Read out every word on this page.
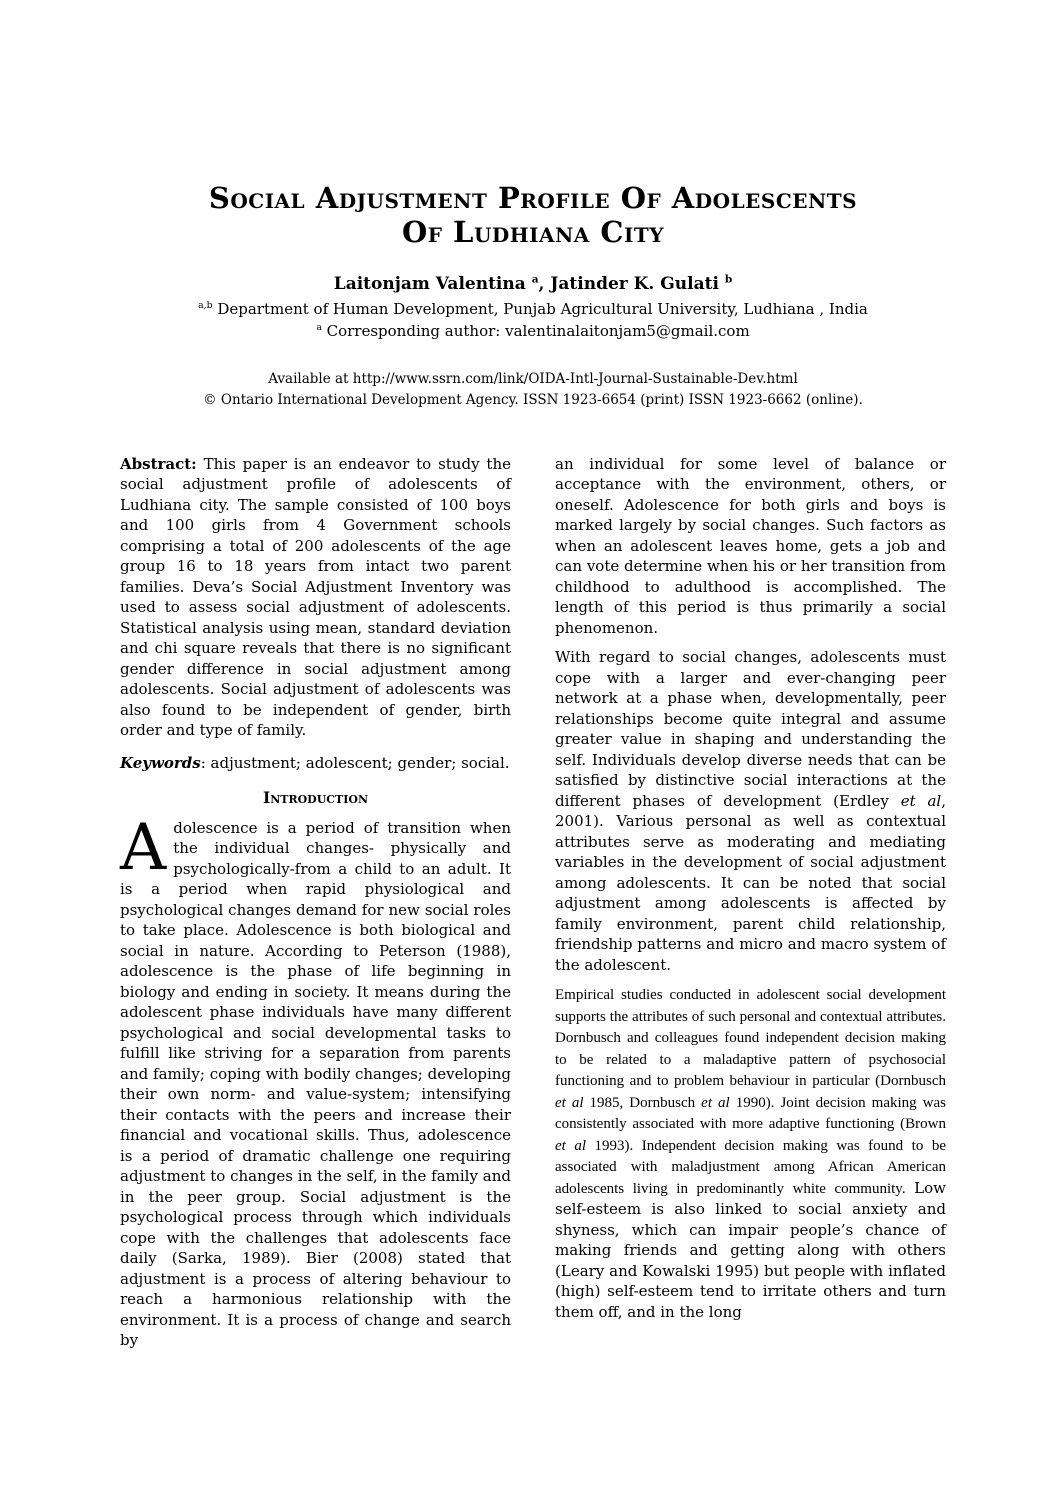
Social Adjustment Profile Of Adolescents
Of Ludhiana City

Laitonjam Valentina $^a$, Jatinder K. Gulati $^b$

$^{a,b}$ Department of Human Development, Punjab Agricultural University, Ludhiana , India

$^a$ Corresponding author: valentinalaitonjam5@gmail.com

Available at http://www.ssrn.com/link/OIDA-Intl-Journal-Sustainable-Dev.html

© Ontario International Development Agency. ISSN 1923-6654 (print) ISSN 1923-6662 (online).

Abstract: This paper is an endeavor to study the social adjustment profile of adolescents of Ludhiana city. The sample consisted of 100 boys and 100 girls from 4 Government schools comprising a total of 200 adolescents of the age group 16 to 18 years from intact two parent families. Deva’s Social Adjustment Inventory was used to assess social adjustment of adolescents. Statistical analysis using mean, standard deviation and chi square reveals that there is no significant gender difference in social adjustment among adolescents. Social adjustment of adolescents was also found to be independent of gender, birth order and type of family.

Keywords: adjustment; adolescent; gender; social.

Introduction

Adolescence is a period of transition when the individual changes- physically and psychologically-from a child to an adult. It is a period when rapid physiological and psychological changes demand for new social roles to take place. Adolescence is both biological and social in nature. According to Peterson (1988), adolescence is the phase of life beginning in biology and ending in society. It means during the adolescent phase individuals have many different psychological and social developmental tasks to fulfill like striving for a separation from parents and family; coping with bodily changes; developing their own norm- and value-system; intensifying their contacts with the peers and increase their financial and vocational skills. Thus, adolescence is a period of dramatic challenge one requiring adjustment to changes in the self, in the family and in the peer group. Social adjustment is the psychological process through which individuals cope with the challenges that adolescents face daily (Sarka, 1989). Bier (2008) stated that adjustment is a process of altering behaviour to reach a harmonious relationship with the environment. It is a process of change and search by

an individual for some level of balance or acceptance with the environment, others, or oneself. Adolescence for both girls and boys is marked largely by social changes. Such factors as when an adolescent leaves home, gets a job and can vote determine when his or her transition from childhood to adulthood is accomplished. The length of this period is thus primarily a social phenomenon.

With regard to social changes, adolescents must cope with a larger and ever-changing peer network at a phase when, developmentally, peer relationships become quite integral and assume greater value in shaping and understanding the self. Individuals develop diverse needs that can be satisfied by distinctive social interactions at the different phases of development (Erdley et al, 2001). Various personal as well as contextual attributes serve as moderating and mediating variables in the development of social adjustment among adolescents. It can be noted that social adjustment among adolescents is affected by family environment, parent child relationship, friendship patterns and micro and macro system of the adolescent.

Empirical studies conducted in adolescent social development supports the attributes of such personal and contextual attributes. Dornbusch and colleagues found independent decision making to be related to a maladaptive pattern of psychosocial functioning and to problem behaviour in particular (Dornbusch et al 1985, Dornbusch et al 1990). Joint decision making was consistently associated with more adaptive functioning (Brown et al 1993). Independent decision making was found to be associated with maladjustment among African American adolescents living in predominantly white community. Low self-esteem is also linked to social anxiety and shyness, which can impair people’s chance of making friends and getting along with others (Leary and Kowalski 1995) but people with inflated (high) self-esteem tend to irritate others and turn them off, and in the long
